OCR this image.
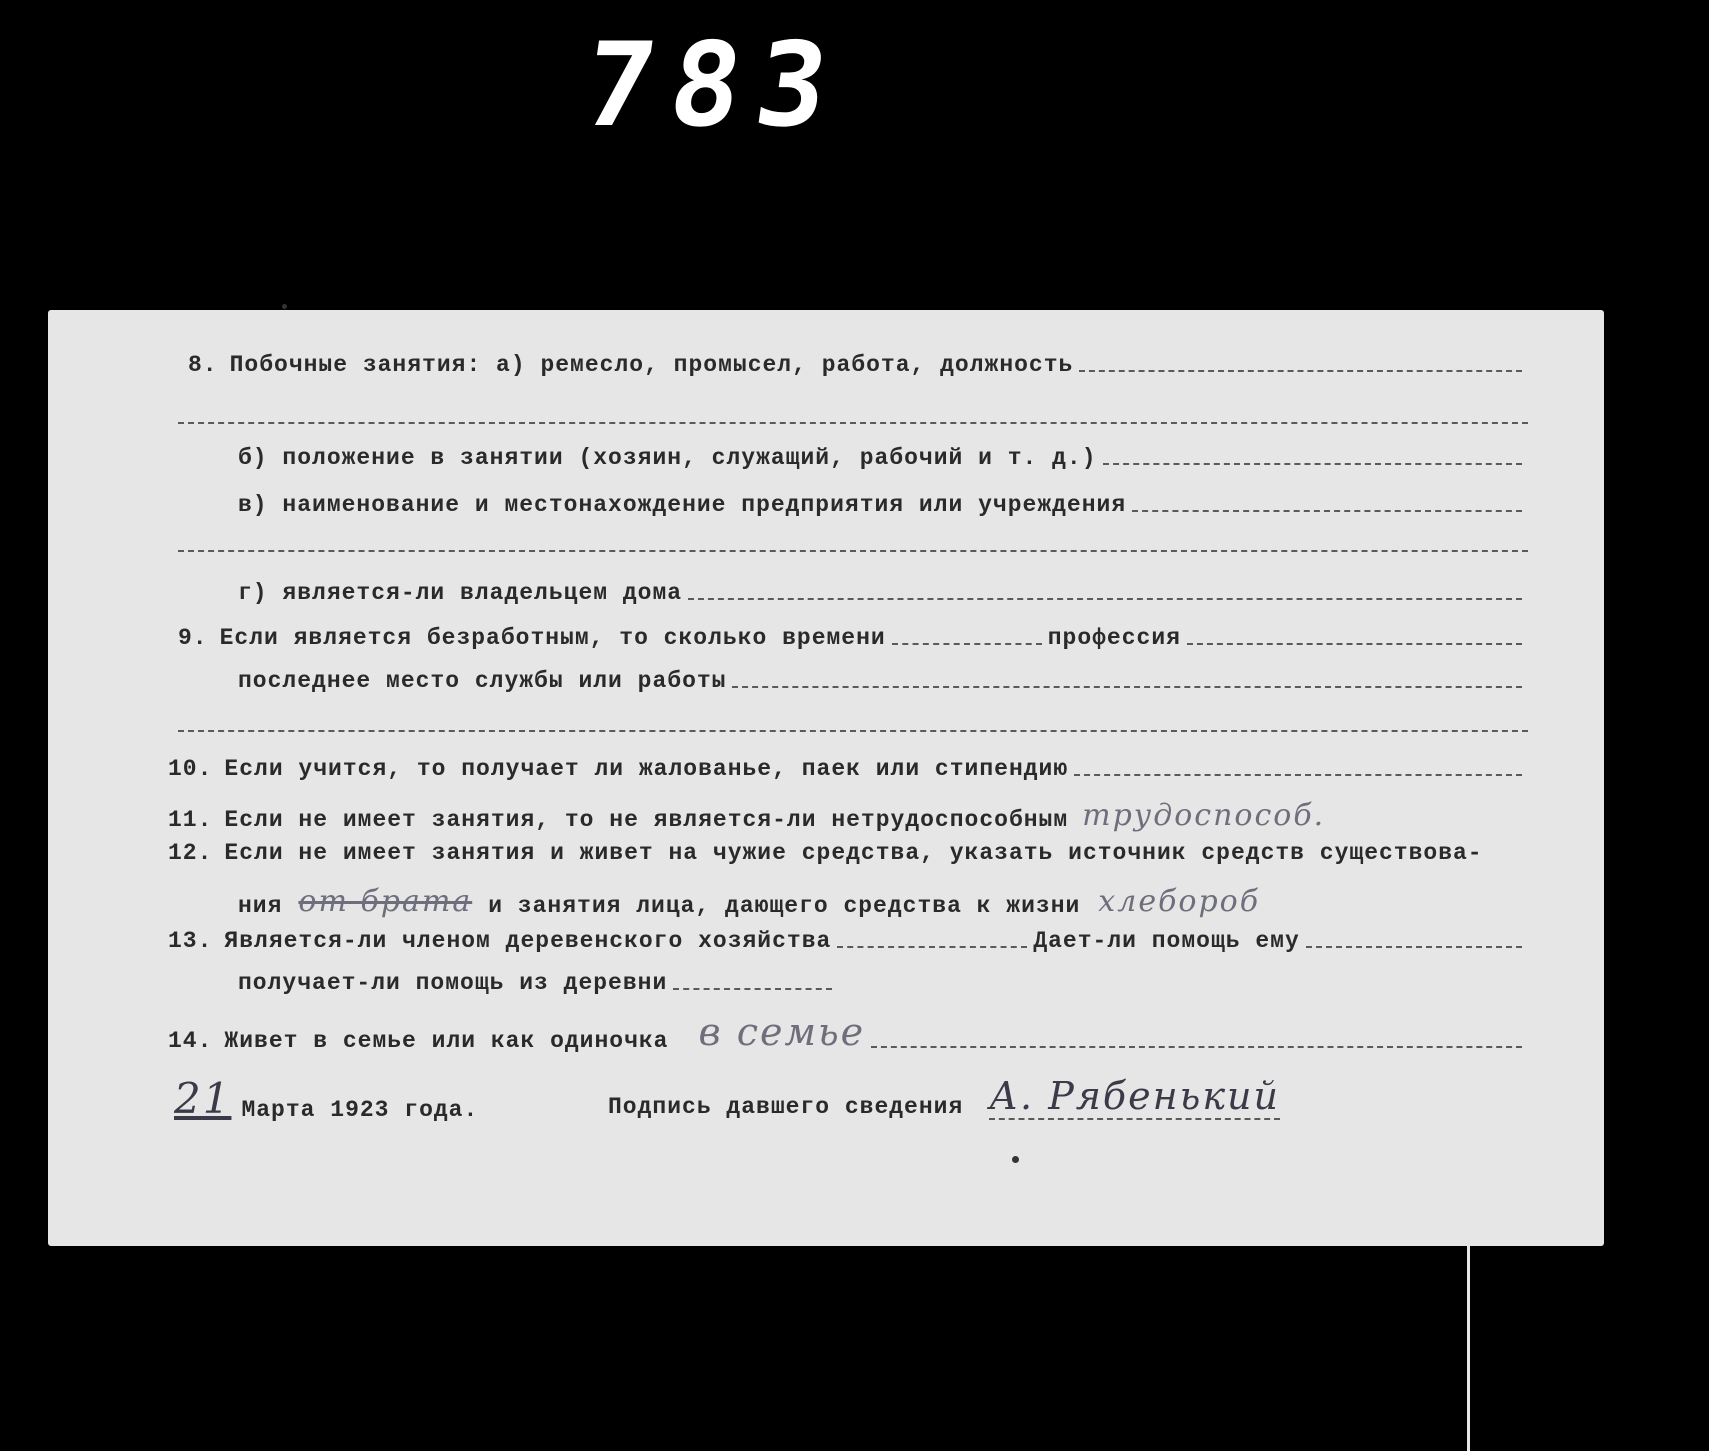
783
8. Побочные занятия: а) ремесло, промысел, работа, должность
б) положение в занятии (хозяин, служащий, рабочий и т. д.)
в) наименование и местонахождение предприятия или учреждения
г) является-ли владельцем дома
9. Если является безработным, то сколько времени	профессия
последнее место службы или работы
10. Если учится, то получает ли жалованье, паек или стипендию
11. Если не имеет занятия, то не является-ли нетрудоспособным трудоспособ.
12. Если не имеет занятия и живет на чужие средства, указать источник средств существова-
ния от брата и занятия лица, дающего средства к жизни хлебороб
13. Является-ли членом деревенского хозяйства	Дает-ли помощь ему
получает-ли помощь из деревни
14. Живет в семье или как одиночка в семье
21 Марта 1923 года.	Подпись давшего сведения А. Рябенький
